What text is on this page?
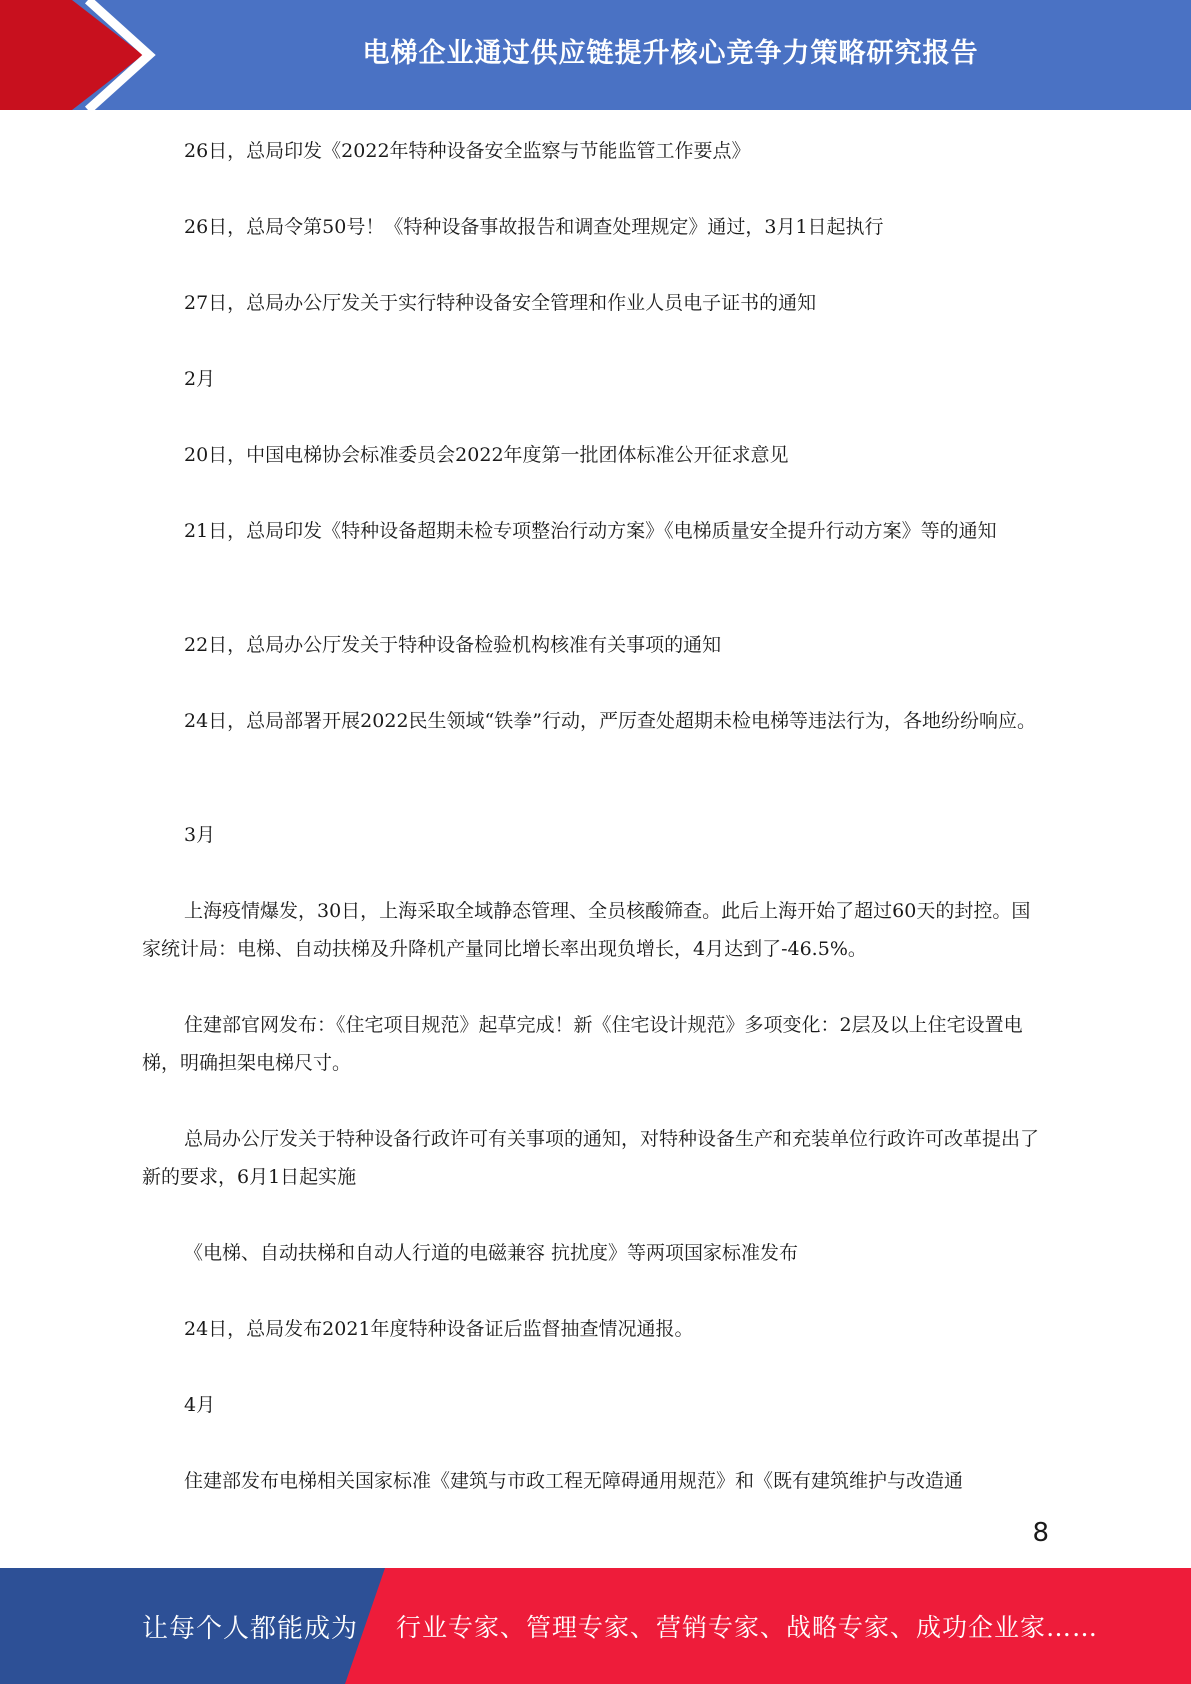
电梯企业通过供应链提升核心竞争力策略研究报告

26日，总局印发《2022年特种设备安全监察与节能监管工作要点》

26日，总局令第50号！《特种设备事故报告和调查处理规定》通过，3月1日起执行

27日，总局办公厅发关于实行特种设备安全管理和作业人员电子证书的通知

2月

20日，中国电梯协会标准委员会2022年度第一批团体标准公开征求意见

21日，总局印发《特种设备超期未检专项整治行动方案》《电梯质量安全提升行动方案》等的通知

22日，总局办公厅发关于特种设备检验机构核准有关事项的通知

24日，总局部署开展2022民生领域“铁拳”行动，严厉查处超期未检电梯等违法行为，各地纷纷响应。

3月

上海疫情爆发，30日，上海采取全域静态管理、全员核酸筛查。此后上海开始了超过60天的封控。国家统计局：电梯、自动扶梯及升降机产量同比增长率出现负增长，4月达到了-46.5%。

住建部官网发布：《住宅项目规范》起草完成！新《住宅设计规范》多项变化：2层及以上住宅设置电梯，明确担架电梯尺寸。

总局办公厅发关于特种设备行政许可有关事项的通知，对特种设备生产和充装单位行政许可改革提出了新的要求，6月1日起实施

《电梯、自动扶梯和自动人行道的电磁兼容 抗扰度》等两项国家标准发布

24日，总局发布2021年度特种设备证后监督抽查情况通报。

4月

住建部发布电梯相关国家标准《建筑与市政工程无障碍通用规范》和《既有建筑维护与改造通

8
让每个人都能成为 行业专家、管理专家、营销专家、战略专家、成功企业家……
